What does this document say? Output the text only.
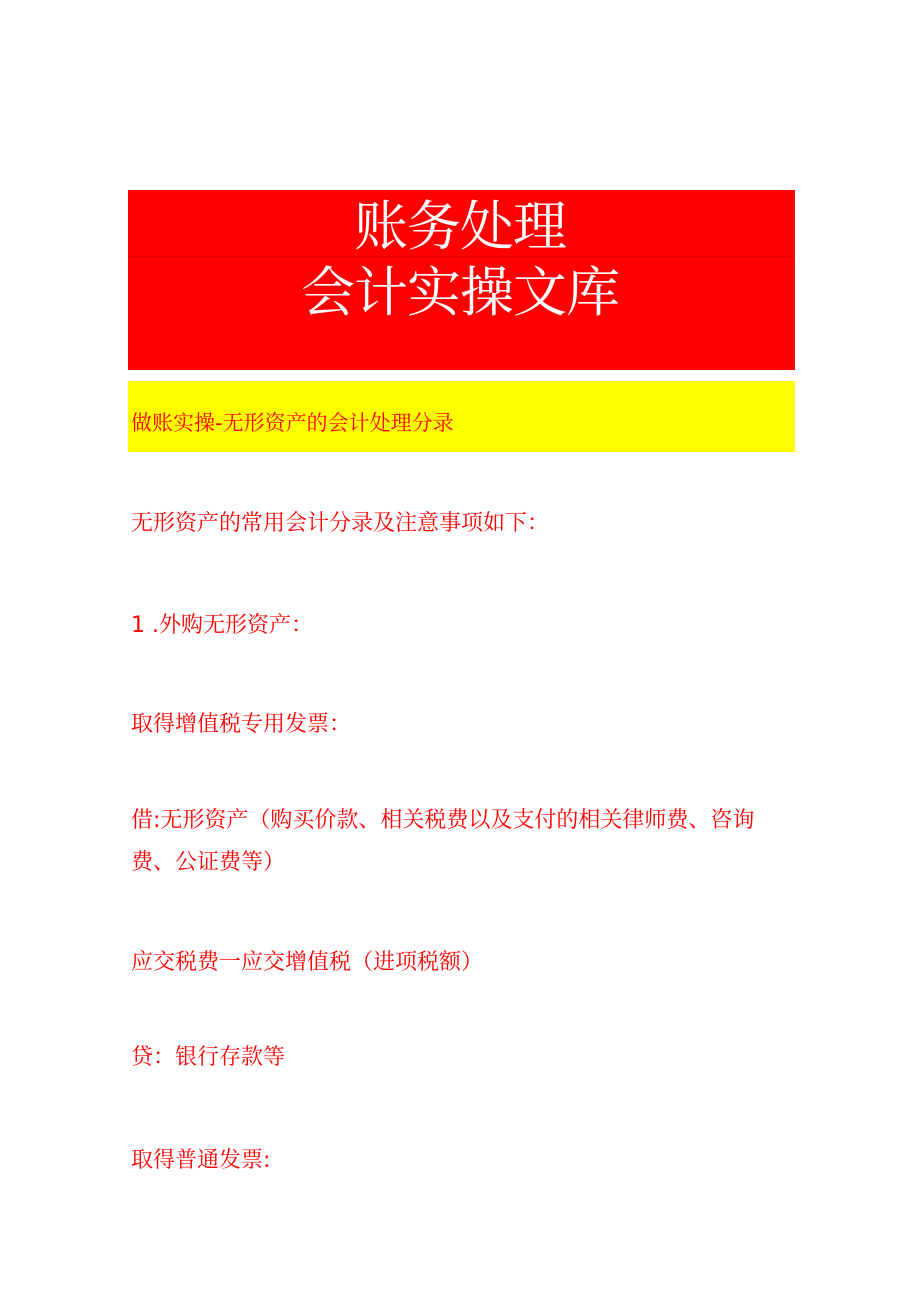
账务处理
会计实操文库
做账实操-无形资产的会计处理分录
无形资产的常用会计分录及注意事项如下：
1 .外购无形资产：
取得增值税专用发票：
借:无形资产（购买价款、相关税费以及支付的相关律师费、咨询费、公证费等）
应交税费一应交增值税（进项税额）
贷：银行存款等
取得普通发票:
